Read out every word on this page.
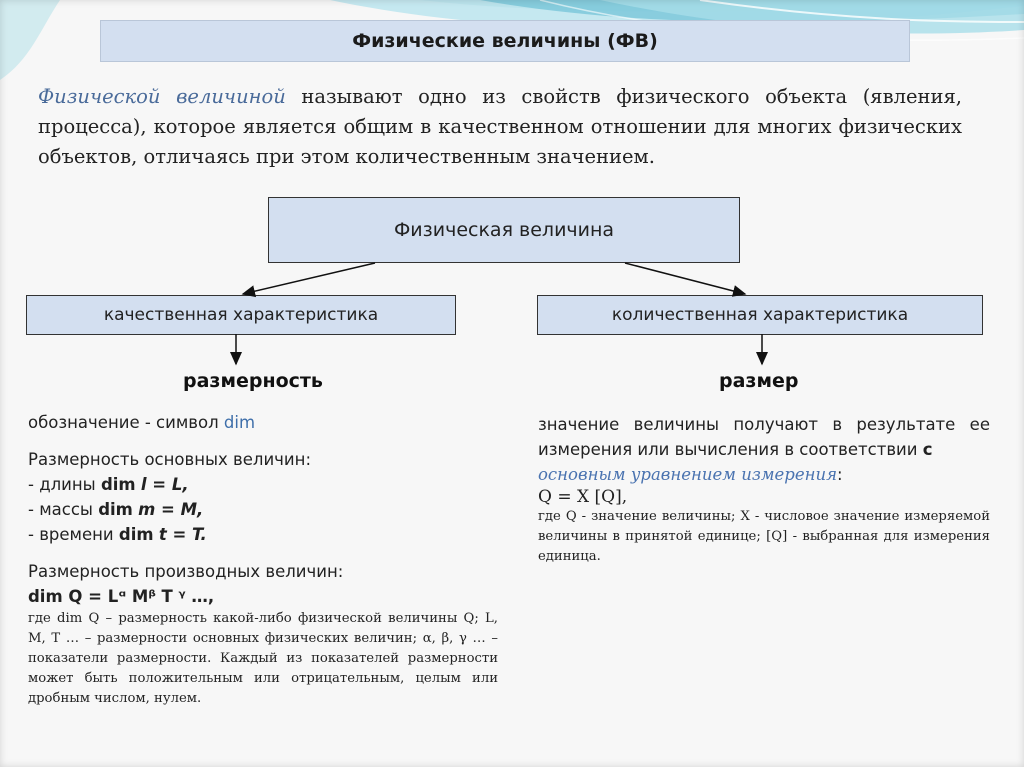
Физические величины (ФВ)
Физической величиной называют одно из свойств физического объекта (явления, процесса), которое является общим в качественном отношении для многих физических объектов, отличаясь при этом количественным значением.
Физическая величина
качественная характеристика	количественная характеристика
размерность	размер
обозначение - символ dim
Размерность основных величин:
- длины dim l = L,
- массы dim m = M,
- времени dim t = T.
Размерность производных величин:
dim Q = Lᵅ Mᵝ T ᵞ …,
где dim Q – размерность какой-либо физической величины Q; L, M, T … – размерности основных физических величин; α, β, γ … – показатели размерности. Каждый из показателей размерности может быть положительным или отрицательным, целым или дробным числом, нулем.
значение величины получают в результате ее измерения или вычисления в соответствии с
основным уравнением измерения:
Q = X [Q],
где Q - значение величины; X - числовое значение измеряемой величины в принятой единице; [Q] - выбранная для измерения единица.
